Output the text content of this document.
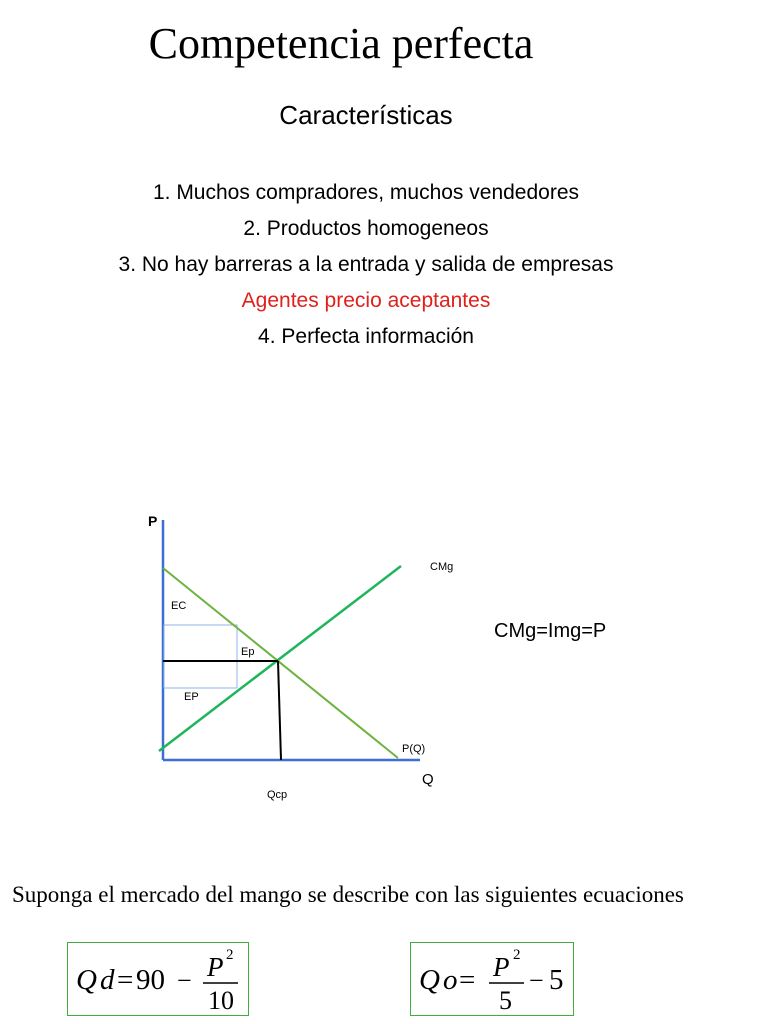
Competencia perfecta
Características
1. Muchos compradores, muchos vendedores
2. Productos homogeneos
3. No hay barreras a la entrada y salida de empresas
Agentes precio aceptantes
4. Perfecta información
P
Q
CMg
P(Q)
EC
Ep
EP
Qcp
CMg=Img=P
Suponga el mercado del mango se describe con las siguientes ecuaciones
Q d = 90 − P 2
10
Q o = P 2
5
− 5
